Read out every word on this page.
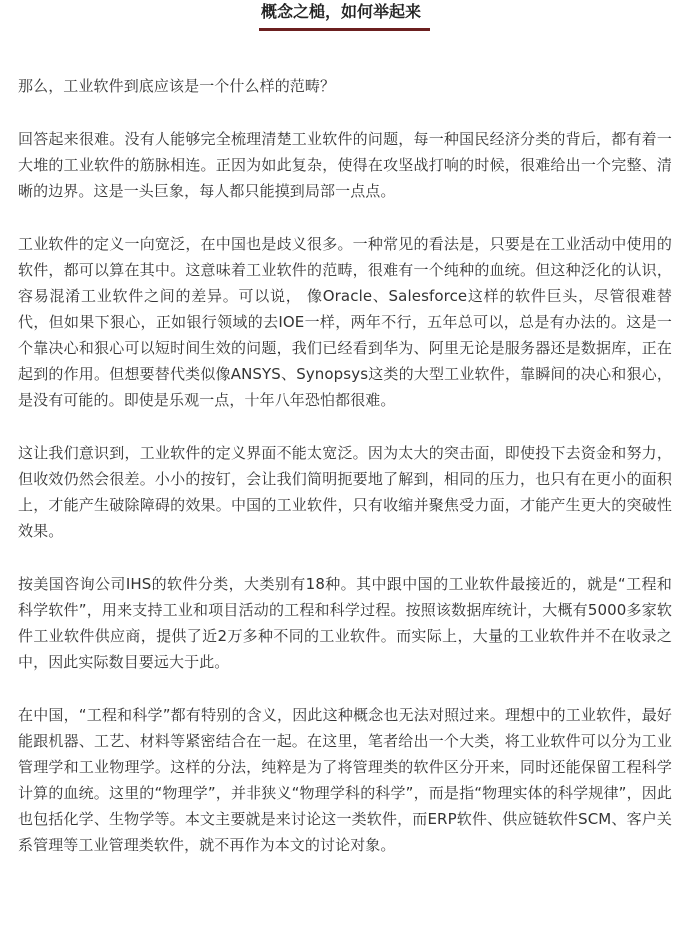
概念之槌，如何举起来

那么，工业软件到底应该是一个什么样的范畴？

回答起来很难。没有人能够完全梳理清楚工业软件的问题，每一种国民经济分类的背后，都有着一大堆的工业软件的筋脉相连。正因为如此复杂，使得在攻坚战打响的时候，很难给出一个完整、清晰的边界。这是一头巨象，每人都只能摸到局部一点点。

工业软件的定义一向宽泛，在中国也是歧义很多。一种常见的看法是，只要是在工业活动中使用的软件，都可以算在其中。这意味着工业软件的范畴，很难有一个纯种的血统。但这种泛化的认识，容易混淆工业软件之间的差异。可以说， 像Oracle、Salesforce这样的软件巨头，尽管很难替代，但如果下狠心，正如银行领域的去IOE一样，两年不行，五年总可以，总是有办法的。这是一个靠决心和狠心可以短时间生效的问题，我们已经看到华为、阿里无论是服务器还是数据库，正在起到的作用。但想要替代类似像ANSYS、Synopsys这类的大型工业软件，靠瞬间的决心和狠心，是没有可能的。即使是乐观一点，十年八年恐怕都很难。

这让我们意识到，工业软件的定义界面不能太宽泛。因为太大的突击面，即使投下去资金和努力，但收效仍然会很差。小小的按钉，会让我们简明扼要地了解到，相同的压力，也只有在更小的面积上，才能产生破除障碍的效果。中国的工业软件，只有收缩并聚焦受力面，才能产生更大的突破性效果。

按美国咨询公司IHS的软件分类，大类别有18种。其中跟中国的工业软件最接近的，就是“工程和科学软件”，用来支持工业和项目活动的工程和科学过程。按照该数据库统计，大概有5000多家软件工业软件供应商，提供了近2万多种不同的工业软件。而实际上，大量的工业软件并不在收录之中，因此实际数目要远大于此。

在中国，“工程和科学”都有特别的含义，因此这种概念也无法对照过来。理想中的工业软件，最好能跟机器、工艺、材料等紧密结合在一起。在这里，笔者给出一个大类，将工业软件可以分为工业管理学和工业物理学。这样的分法，纯粹是为了将管理类的软件区分开来，同时还能保留工程科学计算的血统。这里的“物理学”，并非狭义“物理学科的科学”，而是指“物理实体的科学规律”，因此也包括化学、生物学等。本文主要就是来讨论这一类软件，而ERP软件、供应链软件SCM、客户关系管理等工业管理类软件，就不再作为本文的讨论对象。
